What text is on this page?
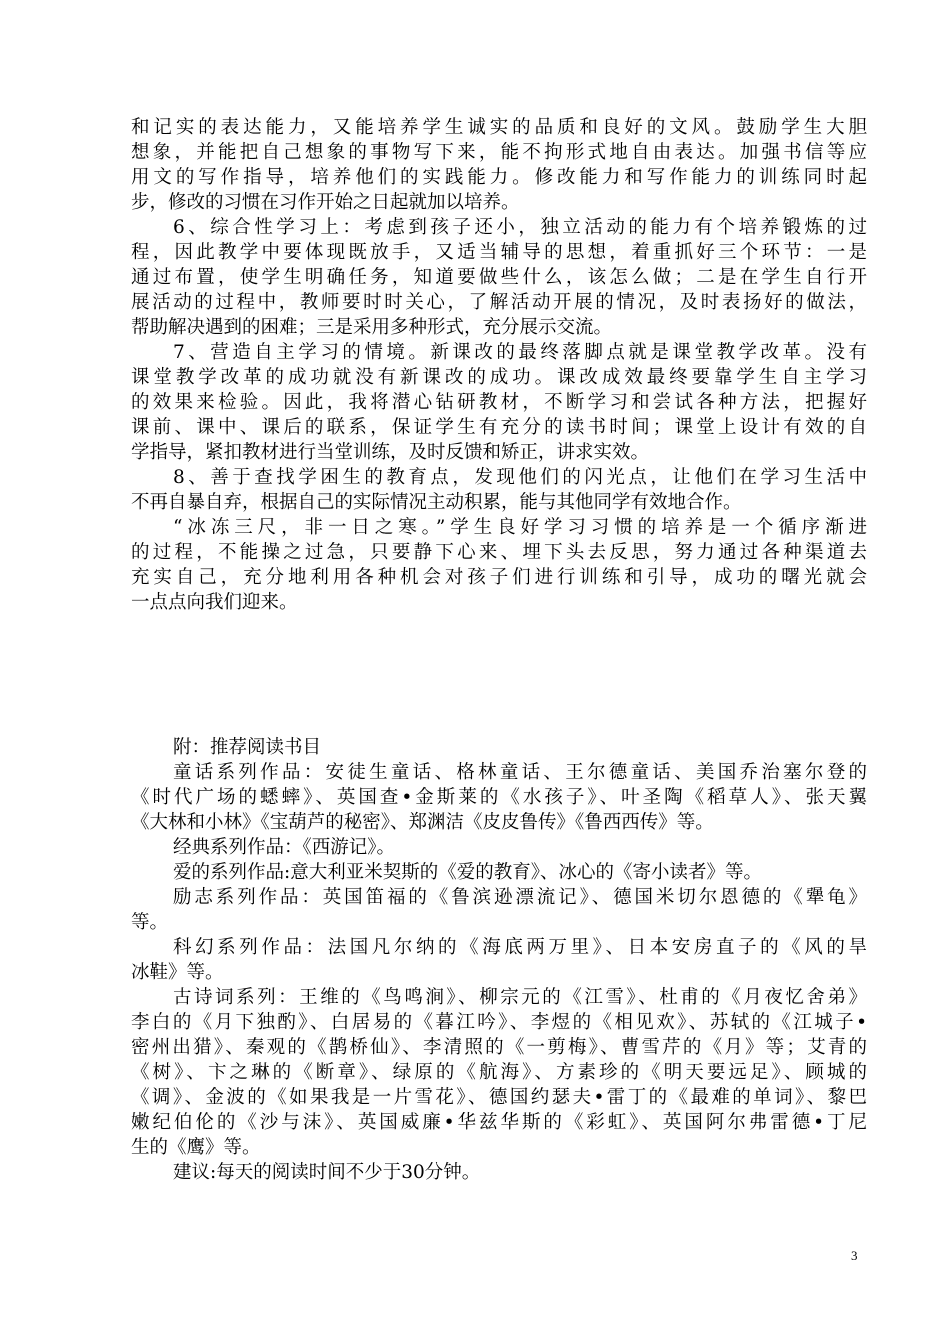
和记实的表达能力，又能培养学生诚实的品质和良好的文风。鼓励学生大胆
想象，并能把自己想象的事物写下来，能不拘形式地自由表达。加强书信等应
用文的写作指导，培养他们的实践能力。修改能力和写作能力的训练同时起
步，修改的习惯在习作开始之日起就加以培养。
6、综合性学习上：考虑到孩子还小，独立活动的能力有个培养锻炼的过
程，因此教学中要体现既放手，又适当辅导的思想，着重抓好三个环节：一是
通过布置，使学生明确任务，知道要做些什么，该怎么做；二是在学生自行开
展活动的过程中，教师要时时关心，了解活动开展的情况，及时表扬好的做法，
帮助解决遇到的困难；三是采用多种形式，充分展示交流。
7、营造自主学习的情境。新课改的最终落脚点就是课堂教学改革。没有
课堂教学改革的成功就没有新课改的成功。课改成效最终要靠学生自主学习
的效果来检验。因此，我将潜心钻研教材，不断学习和尝试各种方法，把握好
课前、课中、课后的联系，保证学生有充分的读书时间；课堂上设计有效的自
学指导，紧扣教材进行当堂训练，及时反馈和矫正，讲求实效。
8、善于查找学困生的教育点，发现他们的闪光点，让他们在学习生活中
不再自暴自弃，根据自己的实际情况主动积累，能与其他同学有效地合作。
“冰冻三尺，非一日之寒。”学生良好学习习惯的培养是一个循序渐进
的过程，不能操之过急，只要静下心来、埋下头去反思，努力通过各种渠道去
充实自己，充分地利用各种机会对孩子们进行训练和引导，成功的曙光就会
一点点向我们迎来。
附：推荐阅读书目
童话系列作品：安徒生童话、格林童话、王尔德童话、美国乔治塞尔登的
《时代广场的蟋蟀》、英国查•金斯莱的《水孩子》、叶圣陶《稻草人》、张天翼
《大林和小林》《宝葫芦的秘密》、郑渊洁《皮皮鲁传》《鲁西西传》等。
经典系列作品：《西游记》。
爱的系列作品:意大利亚米契斯的《爱的教育》、冰心的《寄小读者》等。
励志系列作品：英国笛福的《鲁滨逊漂流记》、德国米切尔恩德的《犟龟》
等。
科幻系列作品：法国凡尔纳的《海底两万里》、日本安房直子的《风的旱
冰鞋》等。
古诗词系列：王维的《鸟鸣涧》、柳宗元的《江雪》、杜甫的《月夜忆舍弟》
李白的《月下独酌》、白居易的《暮江吟》、李煜的《相见欢》、苏轼的《江城子•
密州出猎》、秦观的《鹊桥仙》、李清照的《一剪梅》、曹雪芹的《月》等；艾青的
《树》、卞之琳的《断章》、绿原的《航海》、方素珍的《明天要远足》、顾城的
《调》、金波的《如果我是一片雪花》、德国约瑟夫•雷丁的《最难的单词》、黎巴
嫩纪伯伦的《沙与沫》、英国威廉•华兹华斯的《彩虹》、英国阿尔弗雷德•丁尼
生的《鹰》等。
建议:每天的阅读时间不少于30分钟。
3
